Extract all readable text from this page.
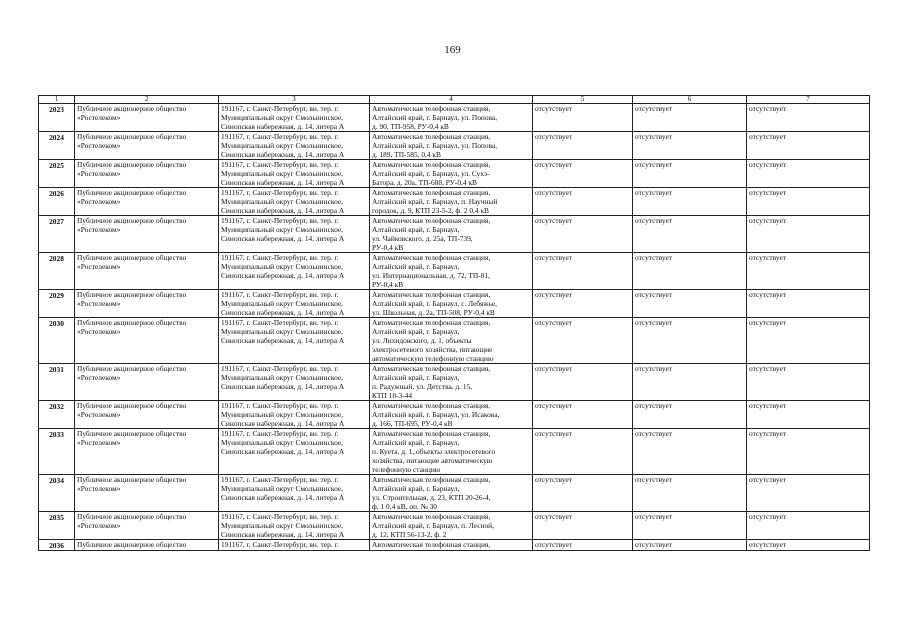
169
1	2	3	4	5	6	7
2023	Публичное акционерное общество
«Ростелеком»	191167, г. Санкт-Петербург, вн. тер. г.
Муниципальный округ Смольнинское,
Синопская набережная, д. 14, литера А	Автоматическая телефонная станция,
Алтайский край, г. Барнаул, ул. Попова,
д. 90, ТП-958, РУ-0,4 кВ	отсутствует	отсутствует	отсутствует
2024	Публичное акционерное общество
«Ростелеком»	191167, г. Санкт-Петербург, вн. тер. г.
Муниципальный округ Смольнинское,
Синопская набережная, д. 14, литера А	Автоматическая телефонная станция,
Алтайский край, г. Барнаул, ул. Попова,
д. 189, ТП-585, 0,4 кВ	отсутствует	отсутствует	отсутствует
2025	Публичное акционерное общество
«Ростелеком»	191167, г. Санкт-Петербург, вн. тер. г.
Муниципальный округ Смольнинское,
Синопская набережная, д. 14, литера А	Автоматическая телефонная станция,
Алтайский край, г. Барнаул, ул. Сухэ-
Батора, д. 20а, ТП-688, РУ-0,4 кВ	отсутствует	отсутствует	отсутствует
2026	Публичное акционерное общество
«Ростелеком»	191167, г. Санкт-Петербург, вн. тер. г.
Муниципальный округ Смольнинское,
Синопская набережная, д. 14, литера А	Автоматическая телефонная станция,
Алтайский край, г. Барнаул, п. Научный
городок, д. 9, КТП 23-5-2, ф. 2 0,4 кВ	отсутствует	отсутствует	отсутствует
2027	Публичное акционерное общество
«Ростелеком»	191167, г. Санкт-Петербург, вн. тер. г.
Муниципальный округ Смольнинское,
Синопская набережная, д. 14, литера А	Автоматическая телефонная станция,
Алтайский край, г. Барнаул,
ул. Чайковского, д. 25а, ТП-739,
РУ-0,4 кВ	отсутствует	отсутствует	отсутствует
2028	Публичное акционерное общество
«Ростелеком»	191167, г. Санкт-Петербург, вн. тер. г.
Муниципальный округ Смольнинское,
Синопская набережная, д. 14, литера А	Автоматическая телефонная станция,
Алтайский край, г. Барнаул,
ул. Интернациональная, д. 72, ТП-81,
РУ-0,4 кВ	отсутствует	отсутствует	отсутствует
2029	Публичное акционерное общество
«Ростелеком»	191167, г. Санкт-Петербург, вн. тер. г.
Муниципальный округ Смольнинское,
Синопская набережная, д. 14, литера А	Автоматическая телефонная станция,
Алтайский край, г. Барнаул, с. Лебяжье,
ул. Школьная, д. 2а, ТП-508, РУ-0,4 кВ	отсутствует	отсутствует	отсутствует
2030	Публичное акционерное общество
«Ростелеком»	191167, г. Санкт-Петербург, вн. тер. г.
Муниципальный округ Смольнинское,
Синопская набережная, д. 14, литера А	Автоматическая телефонная станция,
Алтайский край, г. Барнаул,
ул. Лихидовского, д. 1, объекты
электросетевого хозяйства, питающие
автоматическую телефонную станцию	отсутствует	отсутствует	отсутствует
2031	Публичное акционерное общество
«Ростелеком»	191167, г. Санкт-Петербург, вн. тер. г.
Муниципальный округ Смольнинское,
Синопская набережная, д. 14, литера А	Автоматическая телефонная станция,
Алтайский край, г. Барнаул,
п. Радужный, ул. Детства, д. 15,
КТП 18-3-44	отсутствует	отсутствует	отсутствует
2032	Публичное акционерное общество
«Ростелеком»	191167, г. Санкт-Петербург, вн. тер. г.
Муниципальный округ Смольнинское,
Синопская набережная, д. 14, литера А	Автоматическая телефонная станция,
Алтайский край, г. Барнаул, ул. Исакова,
д. 166, ТП-695, РУ-0,4 кВ	отсутствует	отсутствует	отсутствует
2033	Публичное акционерное общество
«Ростелеком»	191167, г. Санкт-Петербург, вн. тер. г.
Муниципальный округ Смольнинское,
Синопская набережная, д. 14, литера А	Автоматическая телефонная станция,
Алтайский край, г. Барнаул,
п. Куета, д. 1, объекты электросетевого
хозяйства, питающие автоматическую
телефонную станцию	отсутствует	отсутствует	отсутствует
2034	Публичное акционерное общество
«Ростелеком»	191167, г. Санкт-Петербург, вн. тер. г.
Муниципальный округ Смольнинское,
Синопская набережная, д. 14, литера А	Автоматическая телефонная станция,
Алтайский край, г. Барнаул,
ул. Строительная, д. 23, КТП 20-26-4,
ф. 1 0,4 кВ, оп. № 30	отсутствует	отсутствует	отсутствует
2035	Публичное акционерное общество
«Ростелеком»	191167, г. Санкт-Петербург, вн. тер. г.
Муниципальный округ Смольнинское,
Синопская набережная, д. 14, литера А	Автоматическая телефонная станция,
Алтайский край, г. Барнаул, п. Лесной,
д. 12, КТП 56-13-2, ф. 2	отсутствует	отсутствует	отсутствует
2036	Публичное акционерное общество	191167, г. Санкт-Петербург, вн. тер. г.	Автоматическая телефонная станция,	отсутствует	отсутствует	отсутствует
